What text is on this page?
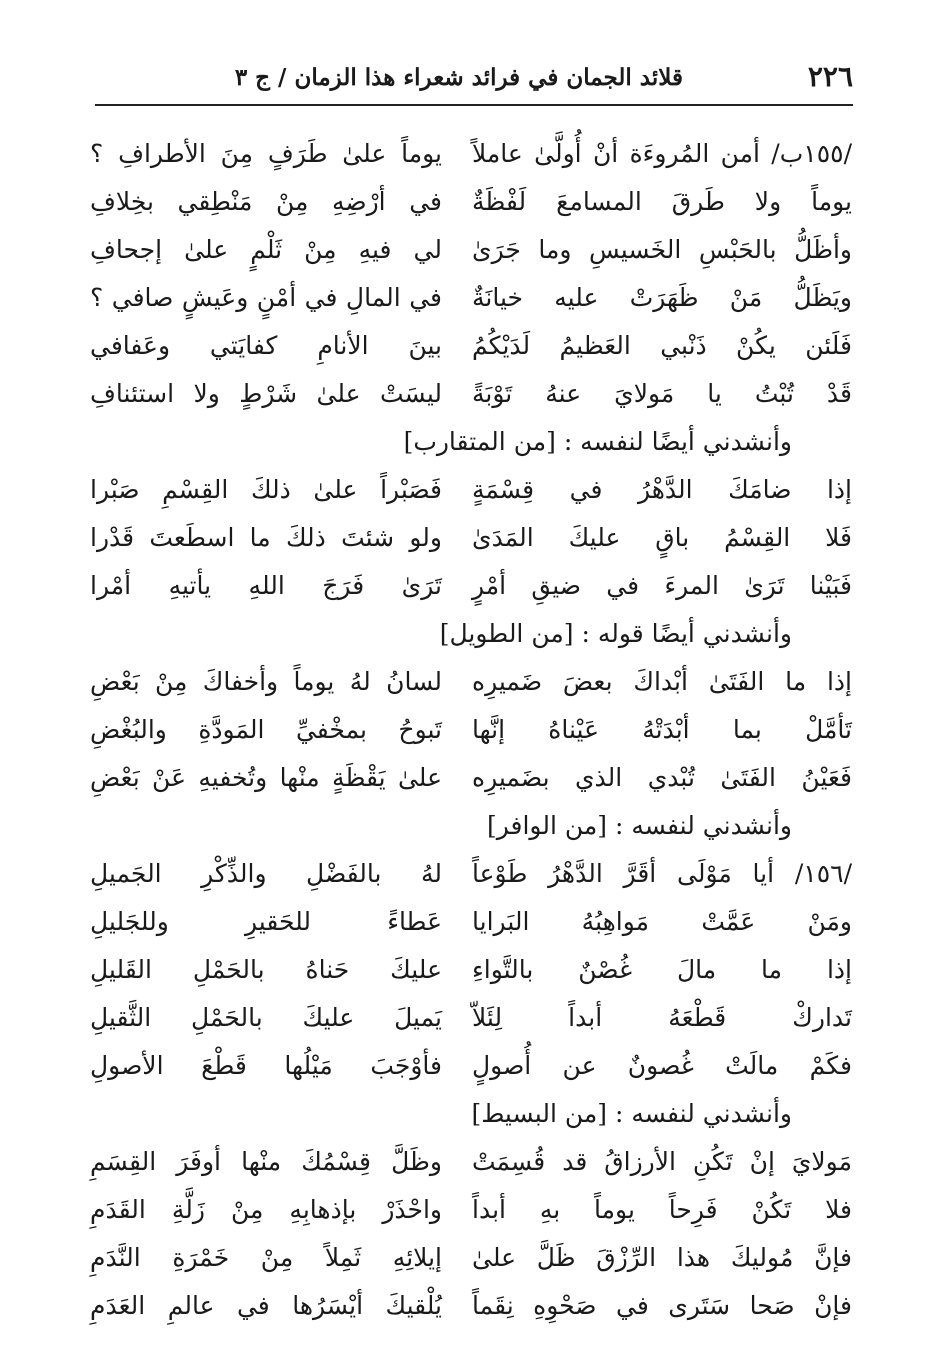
٢٢٦
قلائد الجمان في فرائد شعراء هذا الزمان / ج ٣
/١٥٥ب/ أمن المُروءَة أنْ أُولَّىٰ عاملاً
يوماً ولا طَرقَ المسامعَ لَفْظَةٌ
وأظَلُّ بالحَبْسِ الخَسيسِ وما جَرَىٰ
ويَظَلُّ مَنْ ظَهَرَتْ عليه خيانَةٌ
فَلَئن يكُنْ ذَنْبي العَظيمُ لَدَيْكُمُ
قَدْ تُبْتُ يا مَولايَ عنهُ تَوْبَةً
وأنشدني أيضًا لنفسه : [من المتقارب]
إذا ضامَكَ الدَّهْرُ في قِسْمَةٍ
فَلا القِسْمُ باقٍ عليكَ المَدَىٰ
فَبَيْنا تَرَىٰ المرءَ في ضيقِ أمْرٍ
وأنشدني أيضًا قوله : [من الطويل]
إذا ما الفَتَىٰ أبْداكَ بعضَ ضَميرِه
تَأمَّلْ بما أبْدَتْهُ عَيْناهُ إنَّها
فَعَيْنُ الفَتَىٰ تُبْدي الذي بضَميرِه
وأنشدني لنفسه : [من الوافر]
/١٥٦/ أيا مَوْلَى أقَرَّ الدَّهْرُ طَوْعاً
ومَنْ عَمَّتْ مَواهِبُهُ البَرايا
إذا ما مالَ غُصْنٌ بالتَّواءِ
تَداركْ قَطْعَهُ أبداً لِئَلاّ
فكَمْ مالَتْ غُصونٌ عن أُصولٍ
وأنشدني لنفسه : [من البسيط]
مَولايَ إنْ تَكُنِ الأرزاقُ قد قُسِمَتْ
فلا تَكُنْ فَرِحاً يوماً بهِ أبداً
فإنَّ مُوليكَ هذا الرِّزْقَ ظَلَّ علىٰ
فإنْ صَحا سَتَرى في صَحْوِهِ نِقَماً
يوماً علىٰ طَرَفٍ مِنَ الأطرافِ ؟
في أرْضِهِ مِنْ مَنْطِقي بخِلافِ
لي فيهِ مِنْ ثَلْمٍ علىٰ إجحافِ
في المالِ في أمْنٍ وعَيشٍ صافي ؟
بينَ الأنامِ كفايَتي وعَفافي
ليسَتْ علىٰ شَرْطٍ ولا استئنافِ
فَصَبْراً علىٰ ذلكَ القِسْمِ صَبْرا
ولو شئتَ ذلكَ ما اسطَعتَ قَدْرا
تَرَىٰ فَرَجَ اللهِ يأتيهِ أمْرا
لسانُ لهُ يوماً وأخفاكَ مِنْ بَعْضِ
تَبوحُ بمخْفيِّ المَودَّةِ والبُغْضِ
علىٰ يَقْظَةٍ منْها وتُخفيهِ عَنْ بَعْضِ
لهُ بالفَضْلِ والذِّكْرِ الجَميلِ
عَطاءً للحَقيرِ وللجَليلِ
عليكَ حَناهُ بالحَمْلِ القَليلِ
يَميلَ عليكَ بالحَمْلِ الثَّقيلِ
فأوْجَبَ مَيْلُها قَطْعَ الأصولِ
وظَلَّ قِسْمُكَ منْها أوفَرَ القِسَمِ
واحْذَرْ بإذهابِهِ مِنْ زَلَّةِ القَدَمِ
إيلائِهِ ثَمِلاً مِنْ خَمْرَةِ النَّدَمِ
يُلْقيكَ أيْسَرُها في عالمِ العَدَمِ
